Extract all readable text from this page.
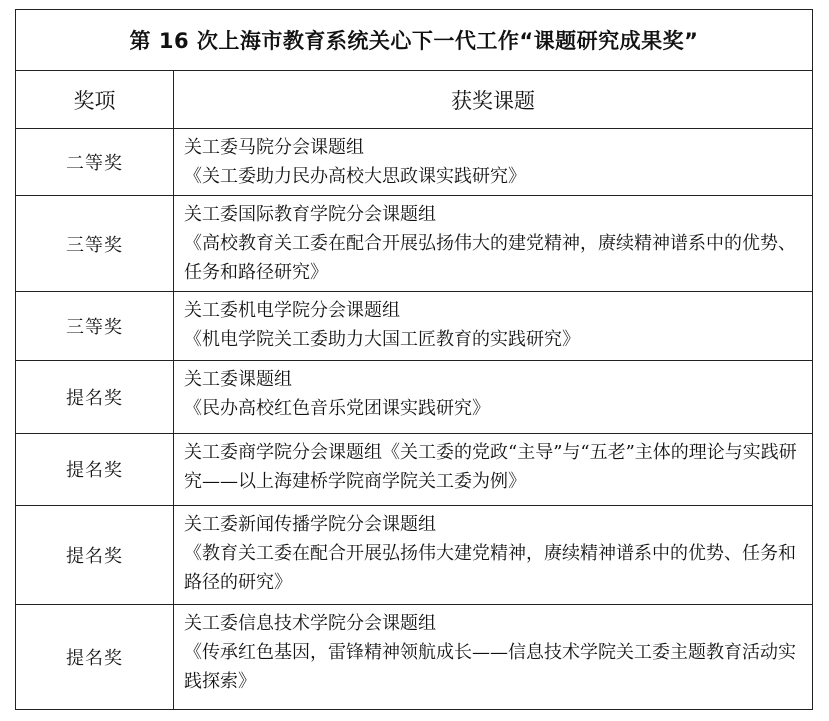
第 16 次上海市教育系统关心下一代工作“课题研究成果奖”	
奖项	获奖课题
二等奖	关工委马院分会课题组
《关工委助力民办高校大思政课实践研究》

三等奖	关工委国际教育学院分会课题组
《高校教育关工委在配合开展弘扬伟大的建党精神，赓续精神谱系中的优势、任务和路径研究》

三等奖	关工委机电学院分会课题组
《机电学院关工委助力大国工匠教育的实践研究》

提名奖	关工委课题组
《民办高校红色音乐党团课实践研究》

提名奖	关工委商学院分会课题组《关工委的党政“主导”与“五老”主体的理论与实践研究——以上海建桥学院商学院关工委为例》
提名奖	关工委新闻传播学院分会课题组
《教育关工委在配合开展弘扬伟大建党精神，赓续精神谱系中的优势、任务和路径的研究》

提名奖	关工委信息技术学院分会课题组
《传承红色基因，雷锋精神领航成长——信息技术学院关工委主题教育活动实践探索》
